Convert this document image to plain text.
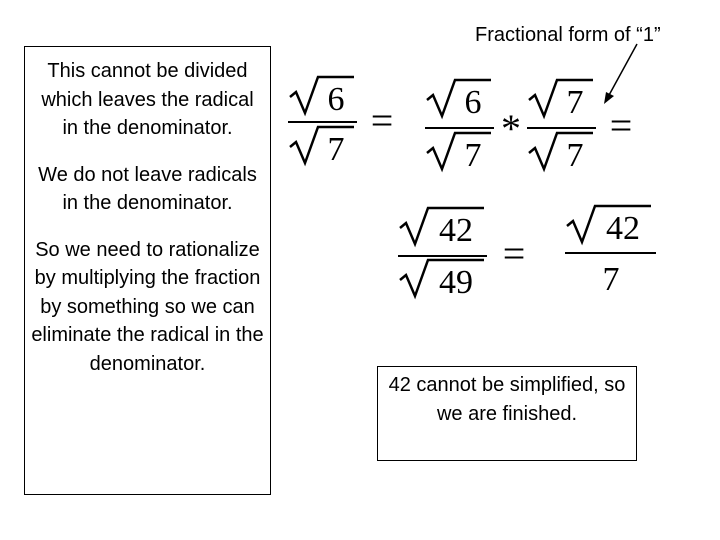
Fractional form of “1”

This cannot be divided which leaves the radical in the denominator.

We do not leave radicals in the denominator.

So we need to rationalize by multiplying the fraction by something so we can eliminate the radical in the denominator.

42 cannot be simplified, so we are finished.
6
7
= 6
7
*
7
7
=
42
49
=
42
7
